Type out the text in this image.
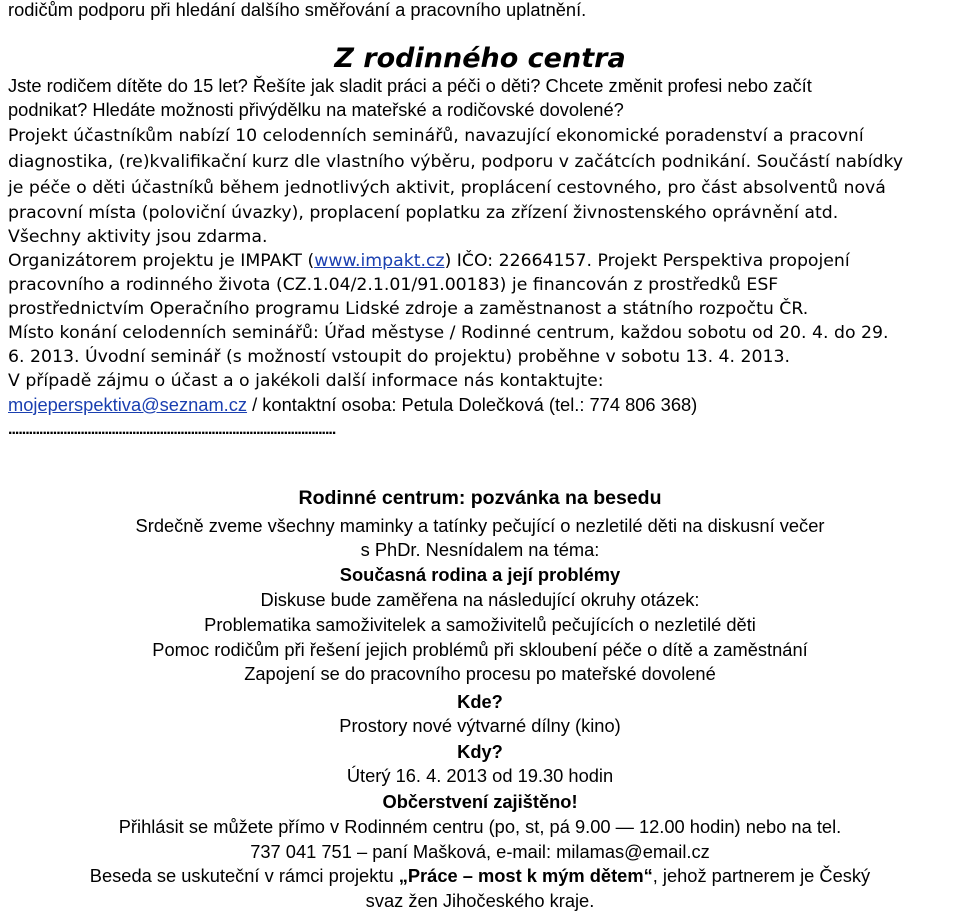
rodičům podporu při hledání dalšího směřování a pracovního uplatnění.
Z rodinného centra
Jste rodičem dítěte do 15 let? Řešíte jak sladit práci a péči o děti? Chcete změnit profesi nebo začít
podnikat? Hledáte možnosti přivýdělku na mateřské a rodičovské dovolené?
Projekt účastníkům nabízí 10 celodenních seminářů, navazující ekonomické poradenství a pracovní
diagnostika, (re)kvalifikační kurz dle vlastního výběru, podporu v začátcích podnikání. Součástí nabídky
je péče o děti účastníků během jednotlivých aktivit, proplácení cestovného, pro část absolventů nová
pracovní místa (poloviční úvazky), proplacení poplatku za zřízení živnostenského oprávnění atd.
Všechny aktivity jsou zdarma.
Organizátorem projektu je IMPAKT (www.impakt.cz) IČO: 22664157. Projekt Perspektiva propojení
pracovního a rodinného života (CZ.1.04/2.1.01/91.00183) je financován z prostředků ESF
prostřednictvím Operačního programu Lidské zdroje a zaměstnanost a státního rozpočtu ČR.
Místo konání celodenních seminářů: Úřad městyse / Rodinné centrum, každou sobotu od 20. 4. do 29.
6. 2013. Úvodní seminář (s možností vstoupit do projektu) proběhne v sobotu 13. 4. 2013.
V případě zájmu o účast a o jakékoli další informace nás kontaktujte:
mojeperspektiva@seznam.cz / kontaktní osoba: Petula Dolečková (tel.: 774 806 368)
...............................................................................................
Rodinné centrum: pozvánka na besedu
Srdečně zveme všechny maminky a tatínky pečující o nezletilé děti na diskusní večer
s PhDr. Nesnídalem na téma:
Současná rodina a její problémy
Diskuse bude zaměřena na následující okruhy otázek:
Problematika samoživitelek a samoživitelů pečujících o nezletilé děti
Pomoc rodičům při řešení jejich problémů při skloubení péče o dítě a zaměstnání
Zapojení se do pracovního procesu po mateřské dovolené
Kde?
Prostory nové výtvarné dílny (kino)
Kdy?
Úterý 16. 4. 2013 od 19.30 hodin
Občerstvení zajištěno!
Přihlásit se můžete přímo v Rodinném centru (po, st, pá 9.00 — 12.00 hodin) nebo na tel.
737 041 751 – paní Mašková, e-mail: milamas@email.cz
Beseda se uskuteční v rámci projektu „Práce – most k mým dětem“, jehož partnerem je Český
svaz žen Jihočeského kraje.
